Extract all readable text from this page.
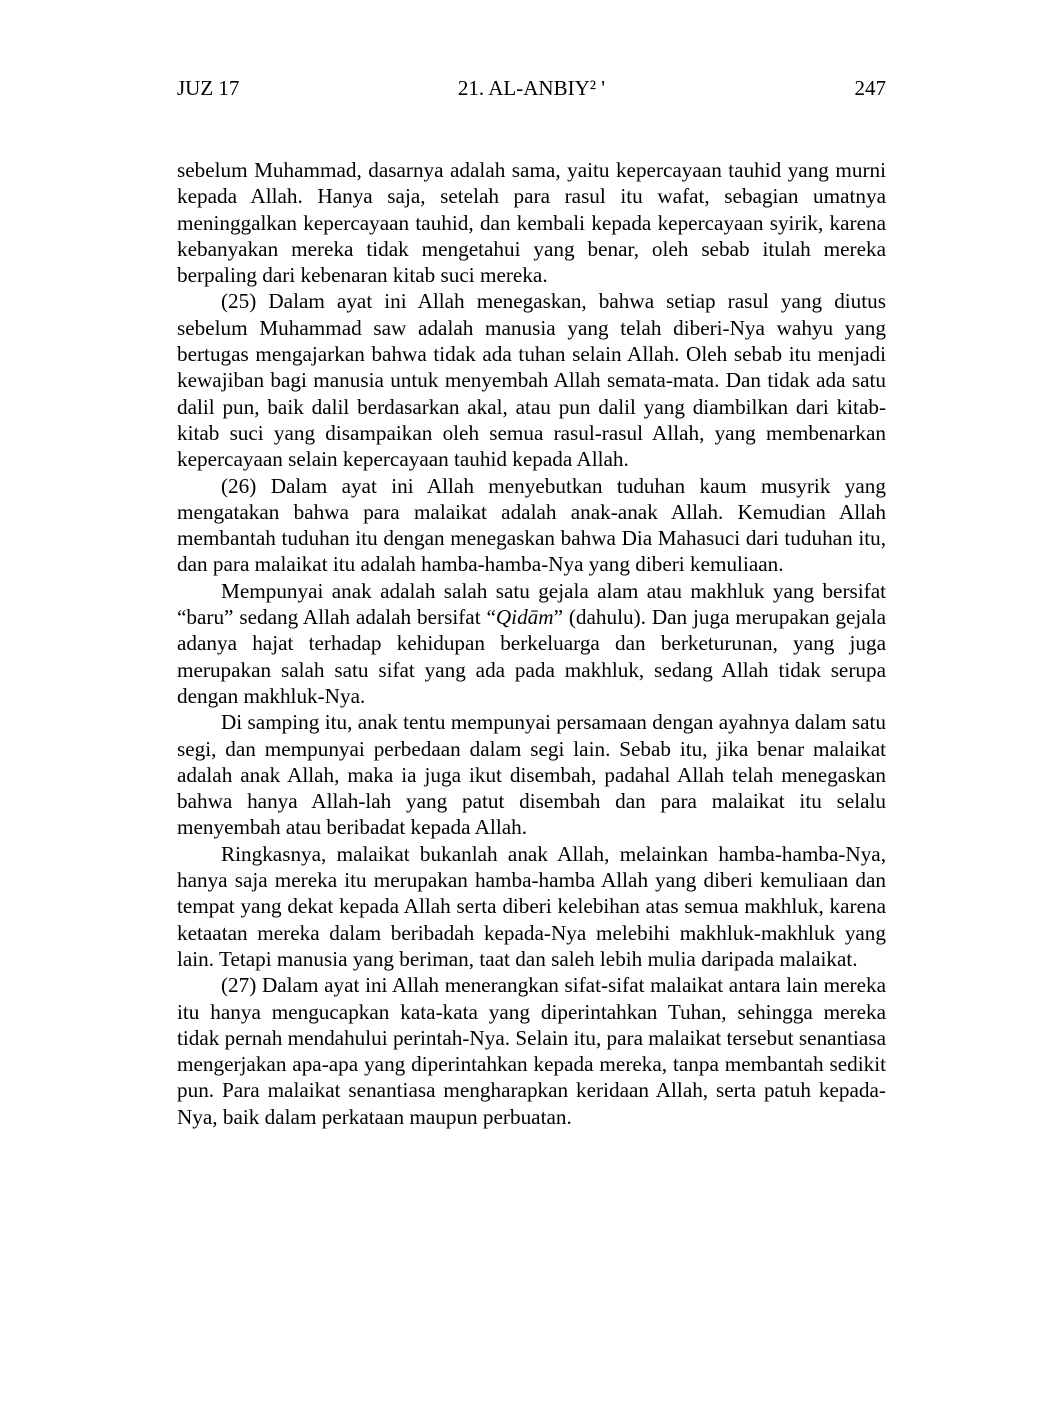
JUZ 17	21. AL-ANBIY² '	247

sebelum Muhammad, dasarnya adalah sama, yaitu kepercayaan tauhid yang murni kepada Allah. Hanya saja, setelah para rasul itu wafat, sebagian umatnya meninggalkan kepercayaan tauhid, dan kembali kepada kepercayaan syirik, karena kebanyakan mereka tidak mengetahui yang benar, oleh sebab itulah mereka berpaling dari kebenaran kitab suci mereka.

(25) Dalam ayat ini Allah menegaskan, bahwa setiap rasul yang diutus sebelum Muhammad saw adalah manusia yang telah diberi-Nya wahyu yang bertugas mengajarkan bahwa tidak ada tuhan selain Allah. Oleh sebab itu menjadi kewajiban bagi manusia untuk menyembah Allah semata-mata. Dan tidak ada satu dalil pun, baik dalil berdasarkan akal, atau pun dalil yang diambilkan dari kitab-kitab suci yang disampaikan oleh semua rasul-rasul Allah, yang membenarkan kepercayaan selain kepercayaan tauhid kepada Allah.

(26) Dalam ayat ini Allah menyebutkan tuduhan kaum musyrik yang mengatakan bahwa para malaikat adalah anak-anak Allah. Kemudian Allah membantah tuduhan itu dengan menegaskan bahwa Dia Mahasuci dari tuduhan itu, dan para malaikat itu adalah hamba-hamba-Nya yang diberi kemuliaan.

Mempunyai anak adalah salah satu gejala alam atau makhluk yang bersifat “baru” sedang Allah adalah bersifat “Qidām” (dahulu). Dan juga merupakan gejala adanya hajat terhadap kehidupan berkeluarga dan berketurunan, yang juga merupakan salah satu sifat yang ada pada makhluk, sedang Allah tidak serupa dengan makhluk-Nya.

Di samping itu, anak tentu mempunyai persamaan dengan ayahnya dalam satu segi, dan mempunyai perbedaan dalam segi lain. Sebab itu, jika benar malaikat adalah anak Allah, maka ia juga ikut disembah, padahal Allah telah menegaskan bahwa hanya Allah-lah yang patut disembah dan para malaikat itu selalu menyembah atau beribadat kepada Allah.

Ringkasnya, malaikat bukanlah anak Allah, melainkan hamba-hamba-Nya, hanya saja mereka itu merupakan hamba-hamba Allah yang diberi kemuliaan dan tempat yang dekat kepada Allah serta diberi kelebihan atas semua makhluk, karena ketaatan mereka dalam beribadah kepada-Nya melebihi makhluk-makhluk yang lain. Tetapi manusia yang beriman, taat dan saleh lebih mulia daripada malaikat.

(27) Dalam ayat ini Allah menerangkan sifat-sifat malaikat antara lain mereka itu hanya mengucapkan kata-kata yang diperintahkan Tuhan, sehingga mereka tidak pernah mendahului perintah-Nya. Selain itu, para malaikat tersebut senantiasa mengerjakan apa-apa yang diperintahkan kepada mereka, tanpa membantah sedikit pun. Para malaikat senantiasa mengharapkan keridaan Allah, serta patuh kepada-Nya, baik dalam perkataan maupun perbuatan.
